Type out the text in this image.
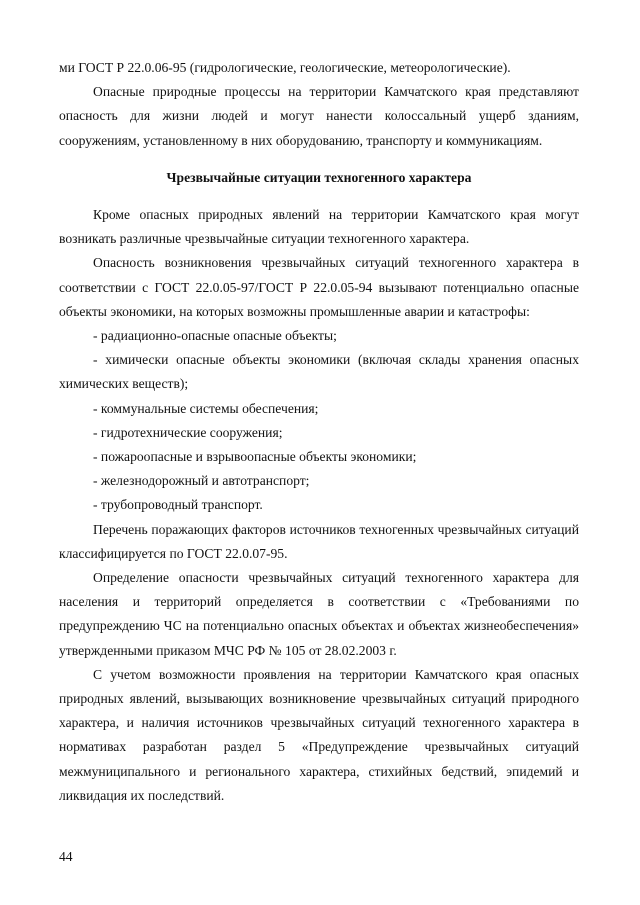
ми ГОСТ Р 22.0.06-95 (гидрологические, геологические, метеорологические).

Опасные природные процессы на территории Камчатского края представляют опасность для жизни людей и могут нанести колоссальный ущерб зданиям, сооружениям, установленному в них оборудованию, транспорту и коммуникациям.

Чрезвычайные ситуации техногенного характера

Кроме опасных природных явлений на территории Камчатского края могут возникать различные чрезвычайные ситуации техногенного характера.

Опасность возникновения чрезвычайных ситуаций техногенного характера в соответствии с ГОСТ 22.0.05-97/ГОСТ Р 22.0.05-94 вызывают потенциально опасные объекты экономики, на которых возможны промышленные аварии и катастрофы:

- радиационно-опасные опасные объекты;

- химически опасные объекты экономики (включая склады хранения опасных химических веществ);

- коммунальные системы обеспечения;

- гидротехнические сооружения;

- пожароопасные и взрывоопасные объекты экономики;

- железнодорожный и автотранспорт;

- трубопроводный транспорт.

Перечень поражающих факторов источников техногенных чрезвычайных ситуаций классифицируется по ГОСТ 22.0.07-95.

Определение опасности чрезвычайных ситуаций техногенного характера для населения и территорий определяется в соответствии с «Требованиями по предупреждению ЧС на потенциально опасных объектах и объектах жизнеобеспечения» утвержденными приказом МЧС РФ № 105 от 28.02.2003 г.

С учетом возможности проявления на территории Камчатского края опасных природных явлений, вызывающих возникновение чрезвычайных ситуаций природного характера, и наличия источников чрезвычайных ситуаций техногенного характера в нормативах разработан раздел 5 «Предупреждение чрезвычайных ситуаций межмуниципального и регионального характера, стихийных бедствий, эпидемий и ликвидация их последствий.

44
